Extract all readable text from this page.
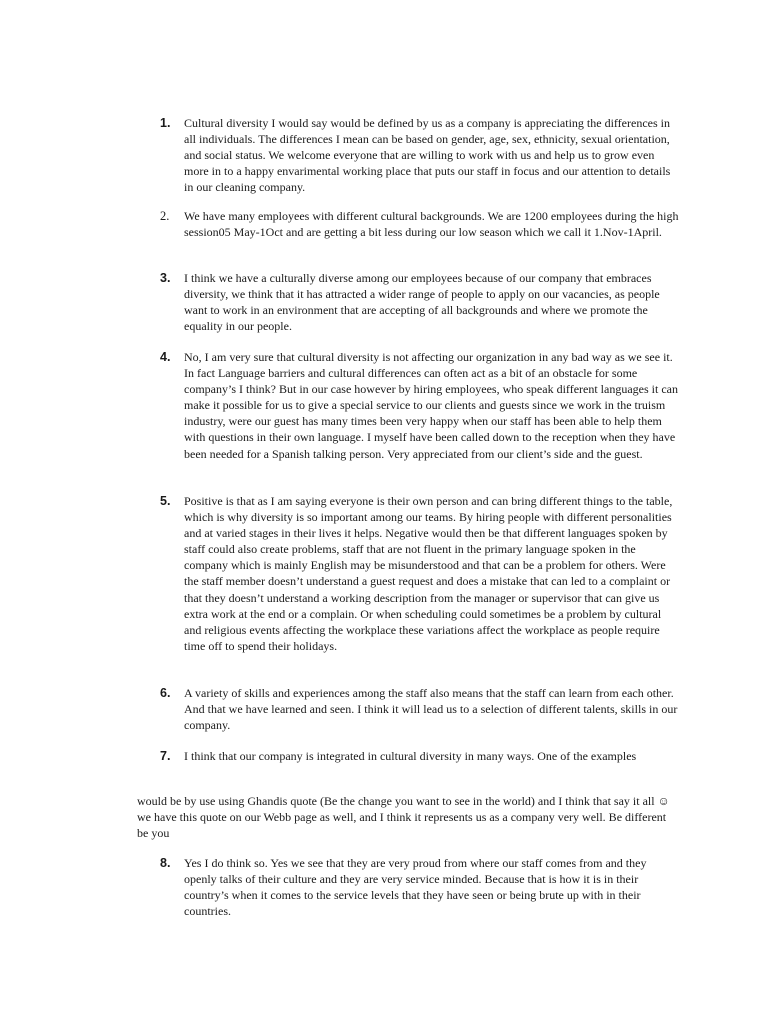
1. Cultural diversity I would say would be defined by us as a company is appreciating the differences in all individuals. The differences I mean can be based on gender, age, sex, ethnicity, sexual orientation, and social status. We welcome everyone that are willing to work with us and help us to grow even more in to a happy envarimental working place that puts our staff in focus and our attention to details in our cleaning company.
2. We have many employees with different cultural backgrounds. We are 1200 employees during the high session05 May-1Oct and are getting a bit less during our low season which we call it 1.Nov-1April.
3. I think we have a culturally diverse among our employees because of our company that embraces diversity, we think that it has attracted a wider range of people to apply on our vacancies, as people want to work in an environment that are accepting of all backgrounds and where we promote the equality in our people.
4. No, I am very sure that cultural diversity is not affecting our organization in any bad way as we see it. In fact Language barriers and cultural differences can often act as a bit of an obstacle for some company’s I think? But in our case however by hiring employees, who speak different languages it can make it possible for us to give a special service to our clients and guests since we work in the truism industry, were our guest has many times been very happy when our staff has been able to help them with questions in their own language. I myself have been called down to the reception when they have been needed for a Spanish talking person. Very appreciated from our client’s side and the guest.
5. Positive is that as I am saying everyone is their own person and can bring different things to the table, which is why diversity is so important among our teams. By hiring people with different personalities and at varied stages in their lives it helps. Negative would then be that different languages spoken by staff could also create problems, staff that are not fluent in the primary language spoken in the company which is mainly English may be misunderstood and that can be a problem for others. Were the staff member doesn’t understand a guest request and does a mistake that can led to a complaint or that they doesn’t understand a working description from the manager or supervisor that can give us extra work at the end or a complain. Or when scheduling could sometimes be a problem by cultural and religious events affecting the workplace these variations affect the workplace as people require time off to spend their holidays.
6. A variety of skills and experiences among the staff also means that the staff can learn from each other. And that we have learned and seen. I think it will lead us to a selection of different talents, skills in our company.
7. I think that our company is integrated in cultural diversity in many ways. One of the examples
would be by use using Ghandis quote (Be the change you want to see in the world) and I think that say it all ☺ we have this quote on our Webb page as well, and I think it represents us as a company very well. Be different be you
8. Yes I do think so. Yes we see that they are very proud from where our staff comes from and they openly talks of their culture and they are very service minded. Because that is how it is in their country’s when it comes to the service levels that they have seen or being brute up with in their countries.
